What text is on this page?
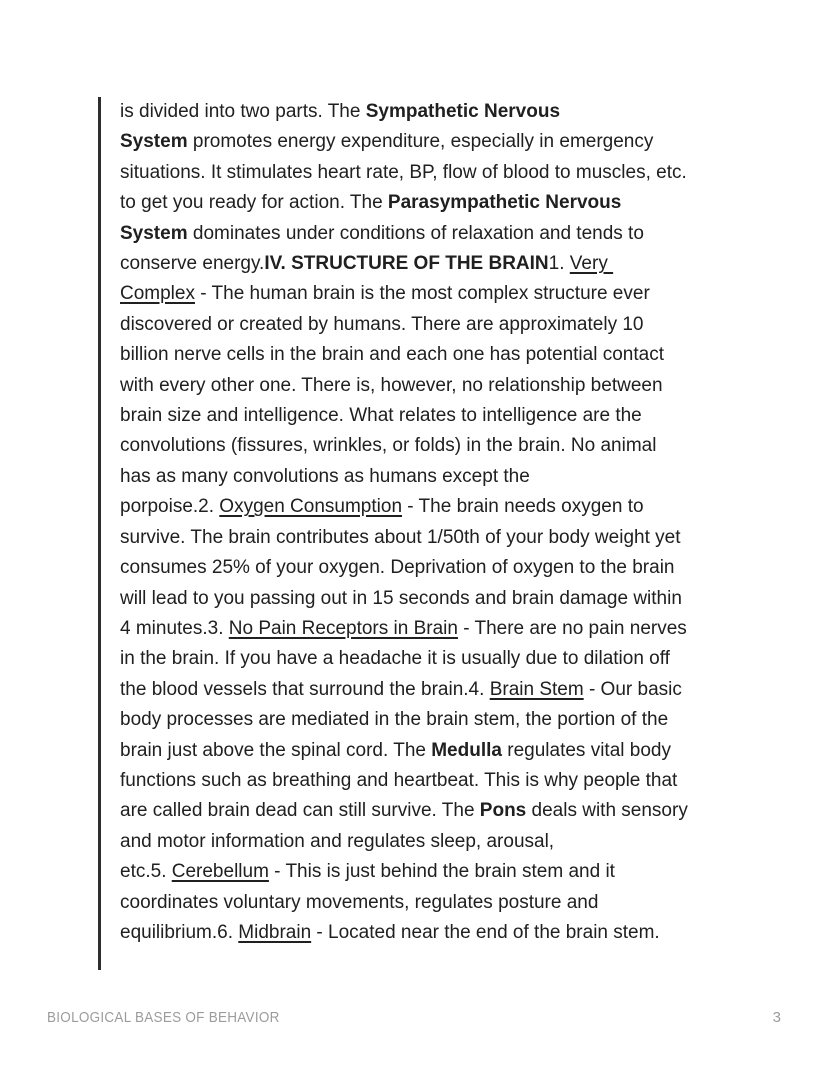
is divided into two parts. The Sympathetic Nervous
System promotes energy expenditure, especially in emergency
situations. It stimulates heart rate, BP, flow of blood to muscles, etc.
to get you ready for action. The Parasympathetic Nervous
System dominates under conditions of relaxation and tends to
conserve energy.IV. STRUCTURE OF THE BRAIN1. Very
Complex - The human brain is the most complex structure ever
discovered or created by humans. There are approximately 10
billion nerve cells in the brain and each one has potential contact
with every other one. There is, however, no relationship between
brain size and intelligence. What relates to intelligence are the
convolutions (fissures, wrinkles, or folds) in the brain. No animal
has as many convolutions as humans except the
porpoise.2. Oxygen Consumption - The brain needs oxygen to
survive. The brain contributes about 1/50th of your body weight yet
consumes 25% of your oxygen. Deprivation of oxygen to the brain
will lead to you passing out in 15 seconds and brain damage within
4 minutes.3. No Pain Receptors in Brain - There are no pain nerves
in the brain. If you have a headache it is usually due to dilation off
the blood vessels that surround the brain.4. Brain Stem - Our basic
body processes are mediated in the brain stem, the portion of the
brain just above the spinal cord. The Medulla regulates vital body
functions such as breathing and heartbeat. This is why people that
are called brain dead can still survive. The Pons deals with sensory
and motor information and regulates sleep, arousal,
etc.5. Cerebellum - This is just behind the brain stem and it
coordinates voluntary movements, regulates posture and
equilibrium.6. Midbrain - Located near the end of the brain stem.
BIOLOGICAL BASES OF BEHAVIOR	3
